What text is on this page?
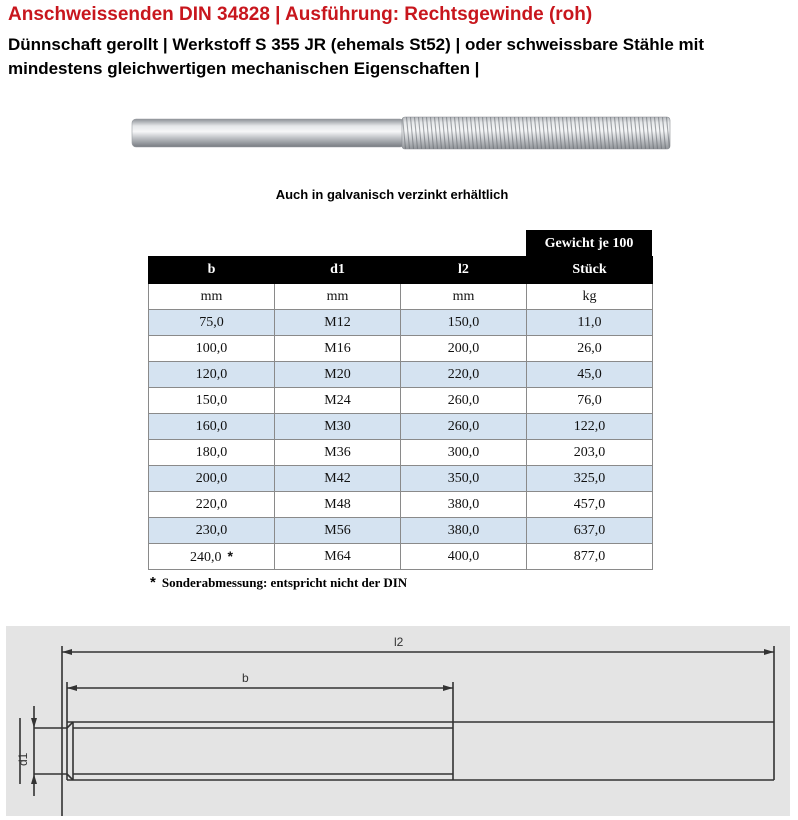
Anschweissenden DIN 34828 | Ausführung: Rechtsgewinde (roh)

Dünnschaft gerollt | Werkstoff S 355 JR (ehemals St52) | oder schweissbare Stähle mit mindestens gleichwertigen mechanischen Eigenschaften |

Auch in galvanisch verzinkt erhältlich
Gewicht je 100
b	d1	l2	Stück
mm	mm	mm	kg
75,0	M12	150,0	11,0
100,0	M16	200,0	26,0
120,0	M20	220,0	45,0
150,0	M24	260,0	76,0
160,0	M30	260,0	122,0
180,0	M36	300,0	203,0
200,0	M42	350,0	325,0
220,0	M48	380,0	457,0
230,0	M56	380,0	637,0
240,0 *	M64	400,0	877,0
* Sonderabmessung: entspricht nicht der DIN
l2
b
d1
